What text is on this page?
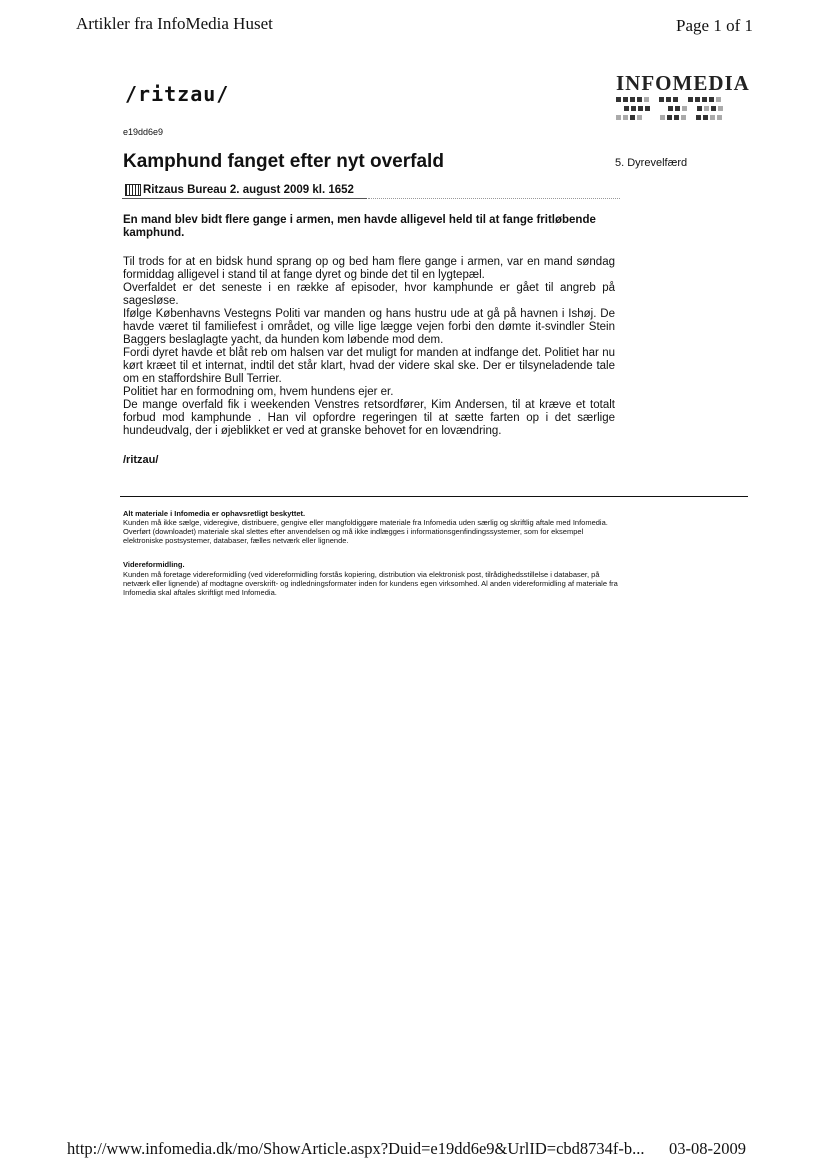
Artikler fra InfoMedia Huset	Page 1 of 1
/ritzau/	INFOMEDIA
e19dd6e9
Kamphund fanget efter nyt overfald	5. Dyrevelfærd
Ritzaus Bureau 2. august 2009 kl. 1652

En mand blev bidt flere gange i armen, men havde alligevel held til at fange fritløbende kamphund.

Til trods for at en bidsk hund sprang op og bed ham flere gange i armen, var en mand søndag formiddag alligevel i stand til at fange dyret og binde det til en lygtepæl.

Overfaldet er det seneste i en række af episoder, hvor kamphunde er gået til angreb på sagesløse.

Ifølge Københavns Vestegns Politi var manden og hans hustru ude at gå på havnen i Ishøj. De havde været til familiefest i området, og ville lige lægge vejen forbi den dømte it-svindler Stein Baggers beslaglagte yacht, da hunden kom løbende mod dem.

Fordi dyret havde et blåt reb om halsen var det muligt for manden at indfange det. Politiet har nu kørt kræet til et internat, indtil det står klart, hvad der videre skal ske. Der er tilsyneladende tale om en staffordshire Bull Terrier.

Politiet har en formodning om, hvem hundens ejer er.

De mange overfald fik i weekenden Venstres retsordfører, Kim Andersen, til at kræve et totalt forbud mod kamphunde . Han vil opfordre regeringen til at sætte farten op i det særlige hundeudvalg, der i øjeblikket er ved at granske behovet for en lovændring.

/ritzau/
Alt materiale i Infomedia er ophavsretligt beskyttet.
Kunden må ikke sælge, videregive, distribuere, gengive eller mangfoldiggøre materiale fra Infomedia uden særlig og skriftlig aftale med Infomedia. Overført (downloadet) materiale skal slettes efter anvendelsen og må ikke indlægges i informationsgenfindingssystemer, som for eksempel elektroniske postsystemer, databaser, fælles netværk eller lignende.
Videreformidling.
Kunden må foretage videreformidling (ved videreformidling forstås kopiering, distribution via elektronisk post, tilrådighedsstillelse i databaser, på netværk eller lignende) af modtagne overskrift- og indledningsformater inden for kundens egen virksomhed. Al anden videreformidling af materiale fra Infomedia skal aftales skriftligt med Infomedia.
http://www.infomedia.dk/mo/ShowArticle.aspx?Duid=e19dd6e9&UrlID=cbd8734f-b... 03-08-2009
